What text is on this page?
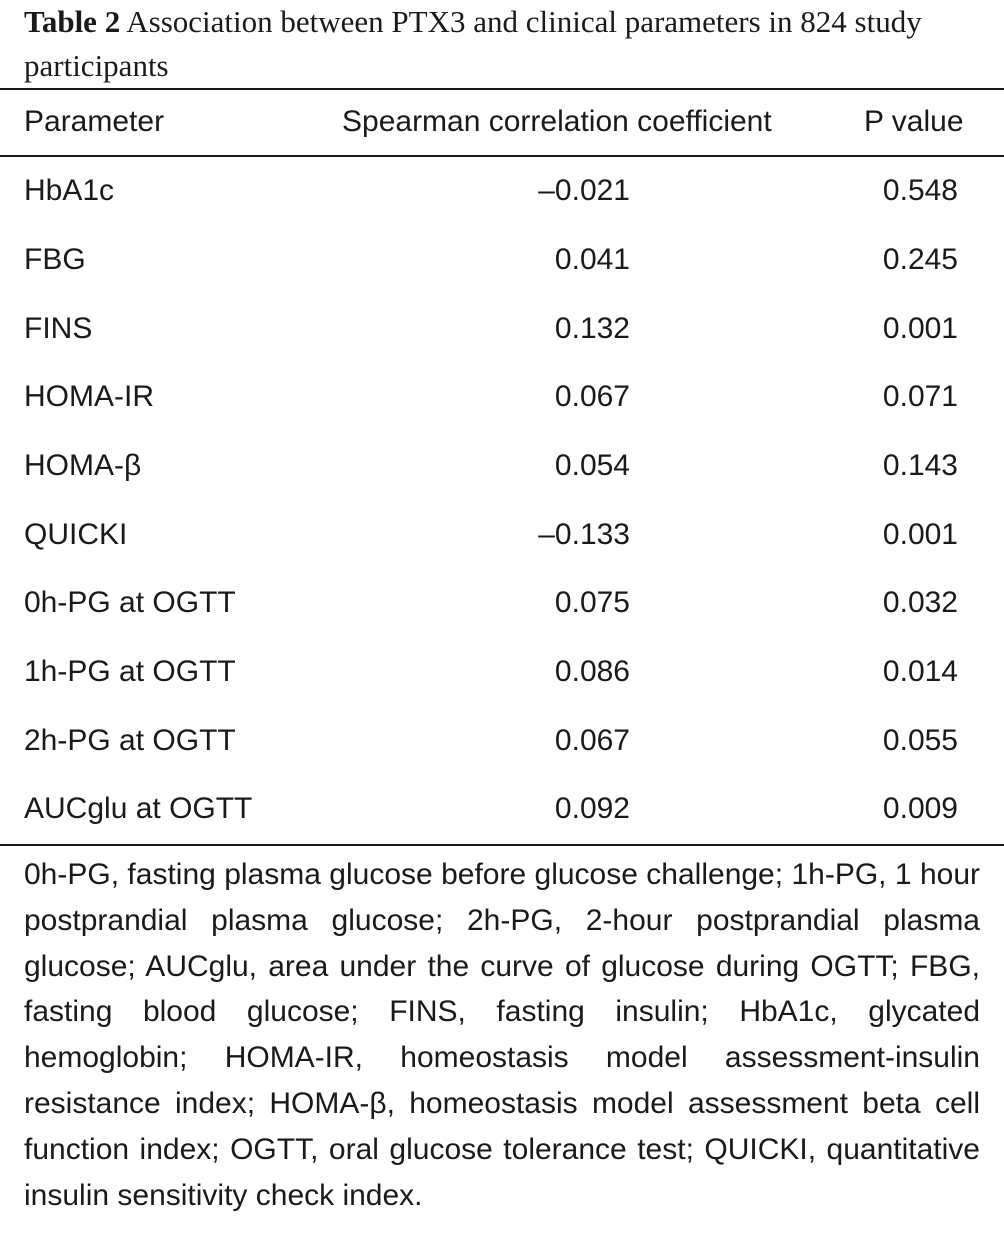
Table 2 Association between PTX3 and clinical parameters in 824 study participants
Parameter	Spearman correlation coefficient	P value
HbA1c	–0.021	0.548
FBG	0.041	0.245
FINS	0.132	0.001
HOMA-IR	0.067	0.071
HOMA-β	0.054	0.143
QUICKI	–0.133	0.001
0h-PG at OGTT	0.075	0.032
1h-PG at OGTT	0.086	0.014
2h-PG at OGTT	0.067	0.055
AUCglu at OGTT	0.092	0.009
0h-PG, fasting plasma glucose before glucose challenge; 1h-PG, 1 hour postprandial plasma glucose; 2h-PG, 2-hour postprandial plasma glucose; AUCglu, area under the curve of glucose during OGTT; FBG, fasting blood glucose; FINS, fasting insulin; HbA1c, glycated hemoglobin; HOMA-IR, homeostasis model assessment-insulin resistance index; HOMA-β, homeostasis model assessment beta cell function index; OGTT, oral glucose tolerance test; QUICKI, quantitative insulin sensitivity check index.
